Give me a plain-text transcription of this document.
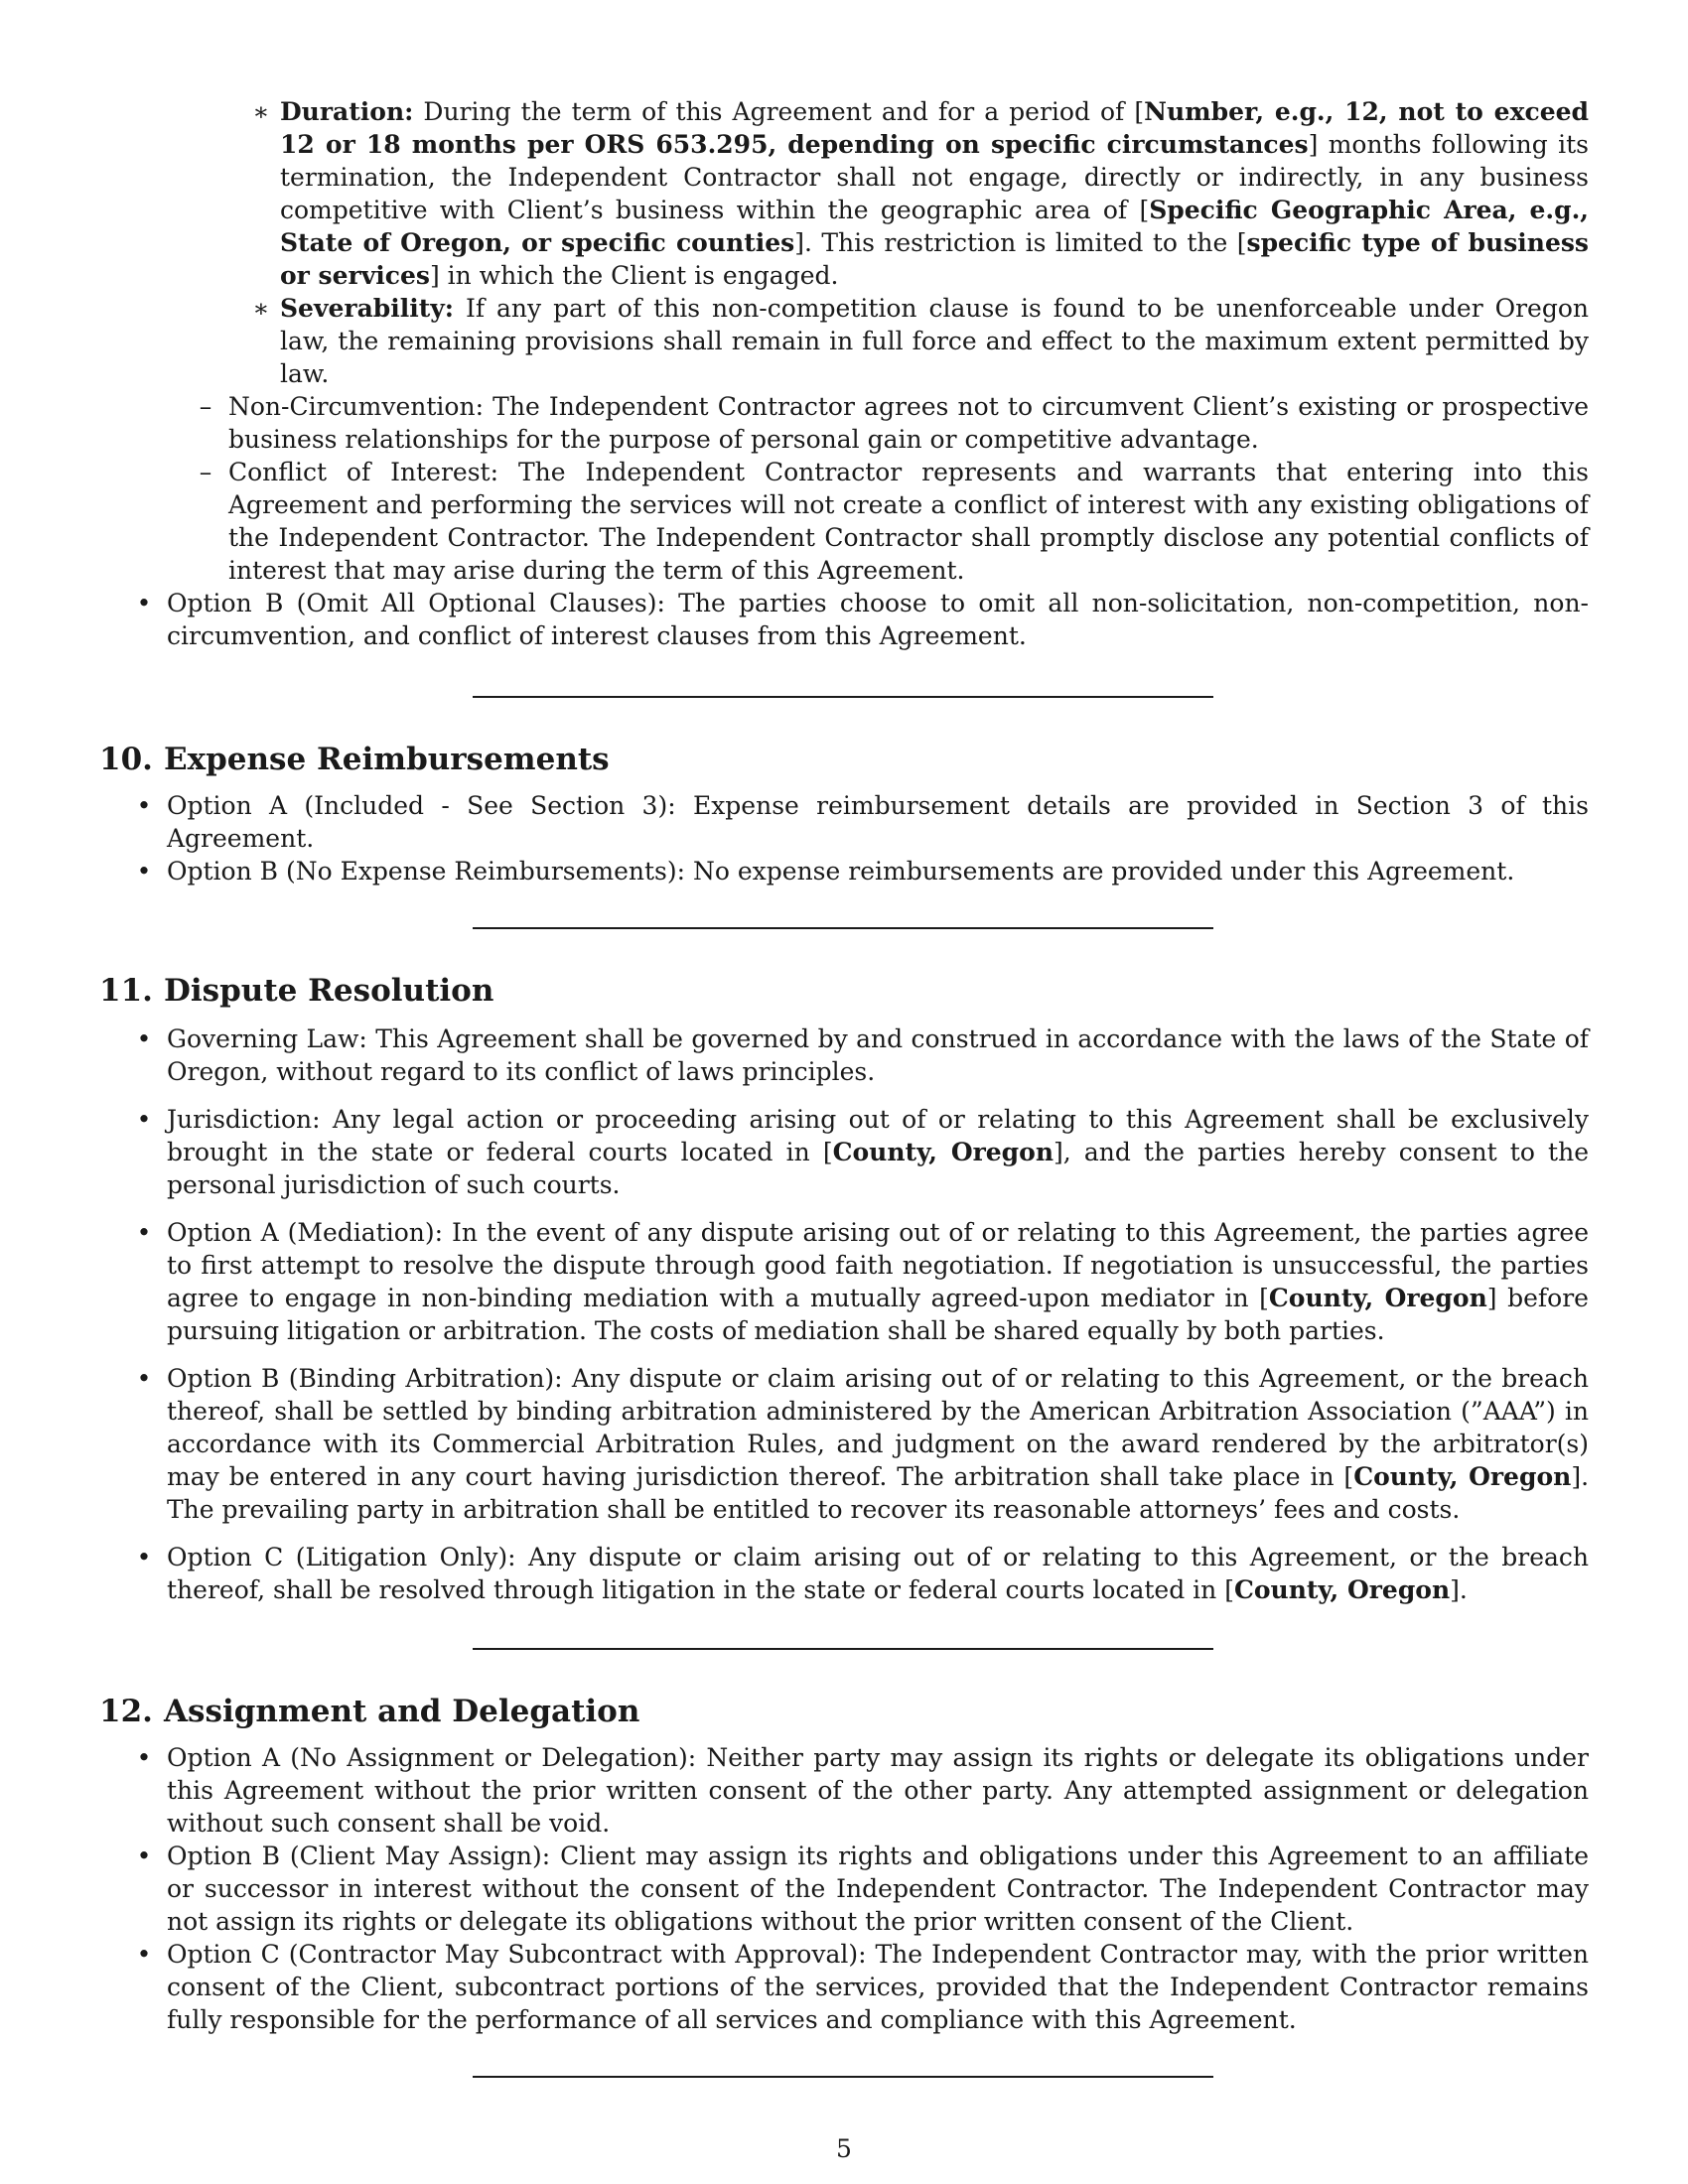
∗ Duration: During the term of this Agreement and for a period of [Number, e.g., 12, not to exceed 12 or 18 months per ORS 653.295, depending on specific circumstances] months following its termination, the Independent Contractor shall not engage, directly or indirectly, in any business competitive with Client’s business within the geographic area of [Specific Geographic Area, e.g., State of Oregon, or specific counties]. This restriction is limited to the [specific type of business or services] in which the Client is engaged.
∗ Severability: If any part of this non-competition clause is found to be unenforceable under Oregon law, the remaining provisions shall remain in full force and effect to the maximum extent permitted by law.
– Non-Circumvention: The Independent Contractor agrees not to circumvent Client’s existing or prospective business relationships for the purpose of personal gain or competitive advantage.
– Conflict of Interest: The Independent Contractor represents and warrants that entering into this Agreement and performing the services will not create a conflict of interest with any existing obligations of the Independent Contractor. The Independent Contractor shall promptly disclose any potential conflicts of interest that may arise during the term of this Agreement.
• Option B (Omit All Optional Clauses): The parties choose to omit all non-solicitation, non-competition, non-circumvention, and conflict of interest clauses from this Agreement.
10. Expense Reimbursements
• Option A (Included - See Section 3): Expense reimbursement details are provided in Section 3 of this Agreement.
• Option B (No Expense Reimbursements): No expense reimbursements are provided under this Agreement.
11. Dispute Resolution
• Governing Law: This Agreement shall be governed by and construed in accordance with the laws of the State of Oregon, without regard to its conflict of laws principles.
• Jurisdiction: Any legal action or proceeding arising out of or relating to this Agreement shall be exclusively brought in the state or federal courts located in [County, Oregon], and the parties hereby consent to the personal jurisdiction of such courts.
• Option A (Mediation): In the event of any dispute arising out of or relating to this Agreement, the parties agree to first attempt to resolve the dispute through good faith negotiation. If negotiation is unsuccessful, the parties agree to engage in non-binding mediation with a mutually agreed-upon mediator in [County, Oregon] before pursuing litigation or arbitration. The costs of mediation shall be shared equally by both parties.
• Option B (Binding Arbitration): Any dispute or claim arising out of or relating to this Agreement, or the breach thereof, shall be settled by binding arbitration administered by the American Arbitration Association (”AAA”) in accordance with its Commercial Arbitration Rules, and judgment on the award rendered by the arbitrator(s) may be entered in any court having jurisdiction thereof. The arbitration shall take place in [County, Oregon]. The prevailing party in arbitration shall be entitled to recover its reasonable attorneys’ fees and costs.
• Option C (Litigation Only): Any dispute or claim arising out of or relating to this Agreement, or the breach thereof, shall be resolved through litigation in the state or federal courts located in [County, Oregon].
12. Assignment and Delegation
• Option A (No Assignment or Delegation): Neither party may assign its rights or delegate its obligations under this Agreement without the prior written consent of the other party. Any attempted assignment or delegation without such consent shall be void.
• Option B (Client May Assign): Client may assign its rights and obligations under this Agreement to an affiliate or successor in interest without the consent of the Independent Contractor. The Independent Contractor may not assign its rights or delegate its obligations without the prior written consent of the Client.
• Option C (Contractor May Subcontract with Approval): The Independent Contractor may, with the prior written consent of the Client, subcontract portions of the services, provided that the Independent Contractor remains fully responsible for the performance of all services and compliance with this Agreement.
5
